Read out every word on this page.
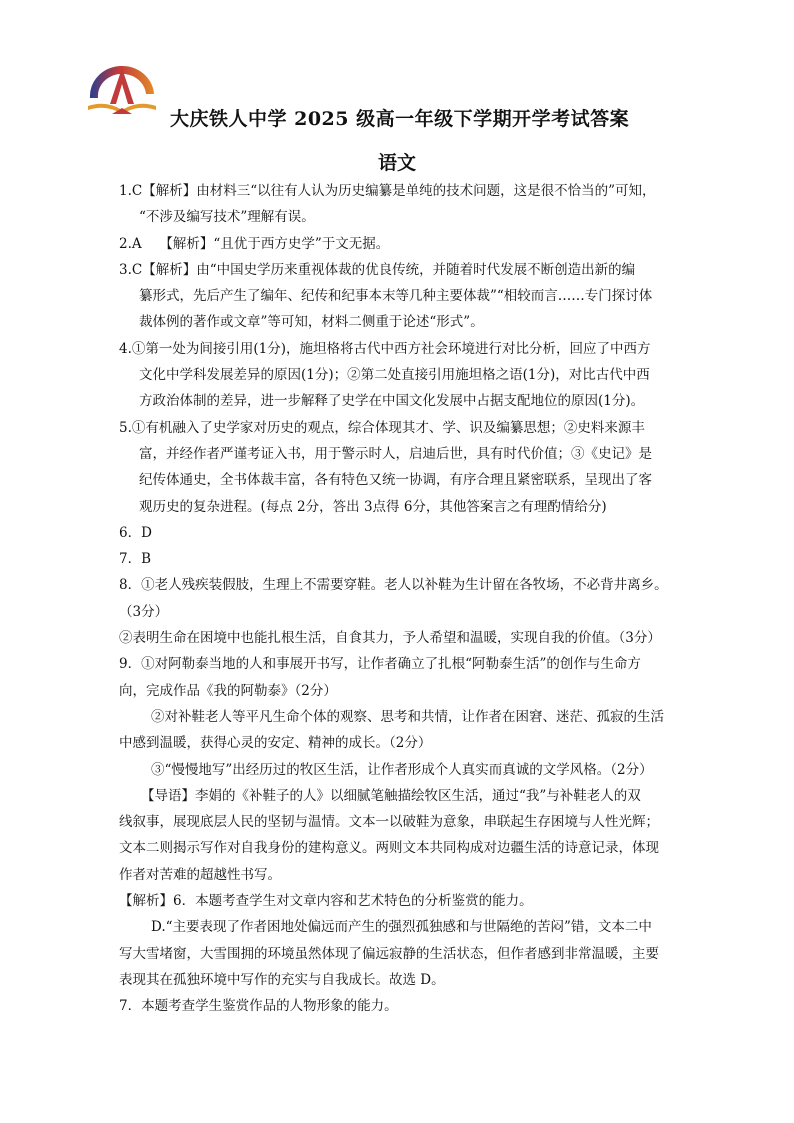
大庆铁人中学 2025 级高一年级下学期开学考试答案
语文

1.C【解析】由材料三“以往有人认为历史编纂是单纯的技术问题，这是很不恰当的”可知，

“不涉及编写技术”理解有误。

2.A　 【解析】“且优于西方史学”于文无据。

3.C【解析】由“中国史学历来重视体裁的优良传统，并随着时代发展不断创造出新的编

纂形式，先后产生了编年、纪传和纪事本末等几种主要体裁”“相较而言……专门探讨体

裁体例的著作或文章”等可知，材料二侧重于论述“形式”。

4.①第一处为间接引用(1分)，施坦格将古代中西方社会环境进行对比分析，回应了中西方

文化中学科发展差异的原因(1分)；②第二处直接引用施坦格之语(1分)，对比古代中西

方政治体制的差异，进一步解释了史学在中国文化发展中占据支配地位的原因(1分)。

5.①有机融入了史学家对历史的观点，综合体现其才、学、识及编纂思想；②史料来源丰

富，并经作者严谨考证入书，用于警示时人，启迪后世，具有时代价值；③《史记》是

纪传体通史，全书体裁丰富，各有特色又统一协调，有序合理且紧密联系，呈现出了客

观历史的复杂进程。(每点 2分，答出 3点得 6分，其他答案言之有理酌情给分)

6．D

7．B

8．①老人残疾装假肢，生理上不需要穿鞋。老人以补鞋为生计留在各牧场，不必背井离乡。

（3分）

②表明生命在困境中也能扎根生活，自食其力，予人希望和温暖，实现自我的价值。（3分）

9．①对阿勒泰当地的人和事展开书写，让作者确立了扎根“阿勒泰生活”的创作与生命方

向，完成作品《我的阿勒泰》（2分）

②对补鞋老人等平凡生命个体的观察、思考和共情，让作者在困窘、迷茫、孤寂的生活

中感到温暖，获得心灵的安定、精神的成长。（2分）

③“慢慢地写”出经历过的牧区生活，让作者形成个人真实而真诚的文学风格。（2分）

【导语】李娟的《补鞋子的人》以细腻笔触描绘牧区生活，通过“我”与补鞋老人的双

线叙事，展现底层人民的坚韧与温情。文本一以破鞋为意象，串联起生存困境与人性光辉；

文本二则揭示写作对自我身份的建构意义。两则文本共同构成对边疆生活的诗意记录，体现

作者对苦难的超越性书写。

【解析】6．本题考查学生对文章内容和艺术特色的分析鉴赏的能力。

D.“主要表现了作者困地处偏远而产生的强烈孤独感和与世隔绝的苦闷”错，文本二中

写大雪堵窗，大雪围拥的环境虽然体现了偏远寂静的生活状态，但作者感到非常温暖，主要

表现其在孤独环境中写作的充实与自我成长。故选 D。

7．本题考查学生鉴赏作品的人物形象的能力。
